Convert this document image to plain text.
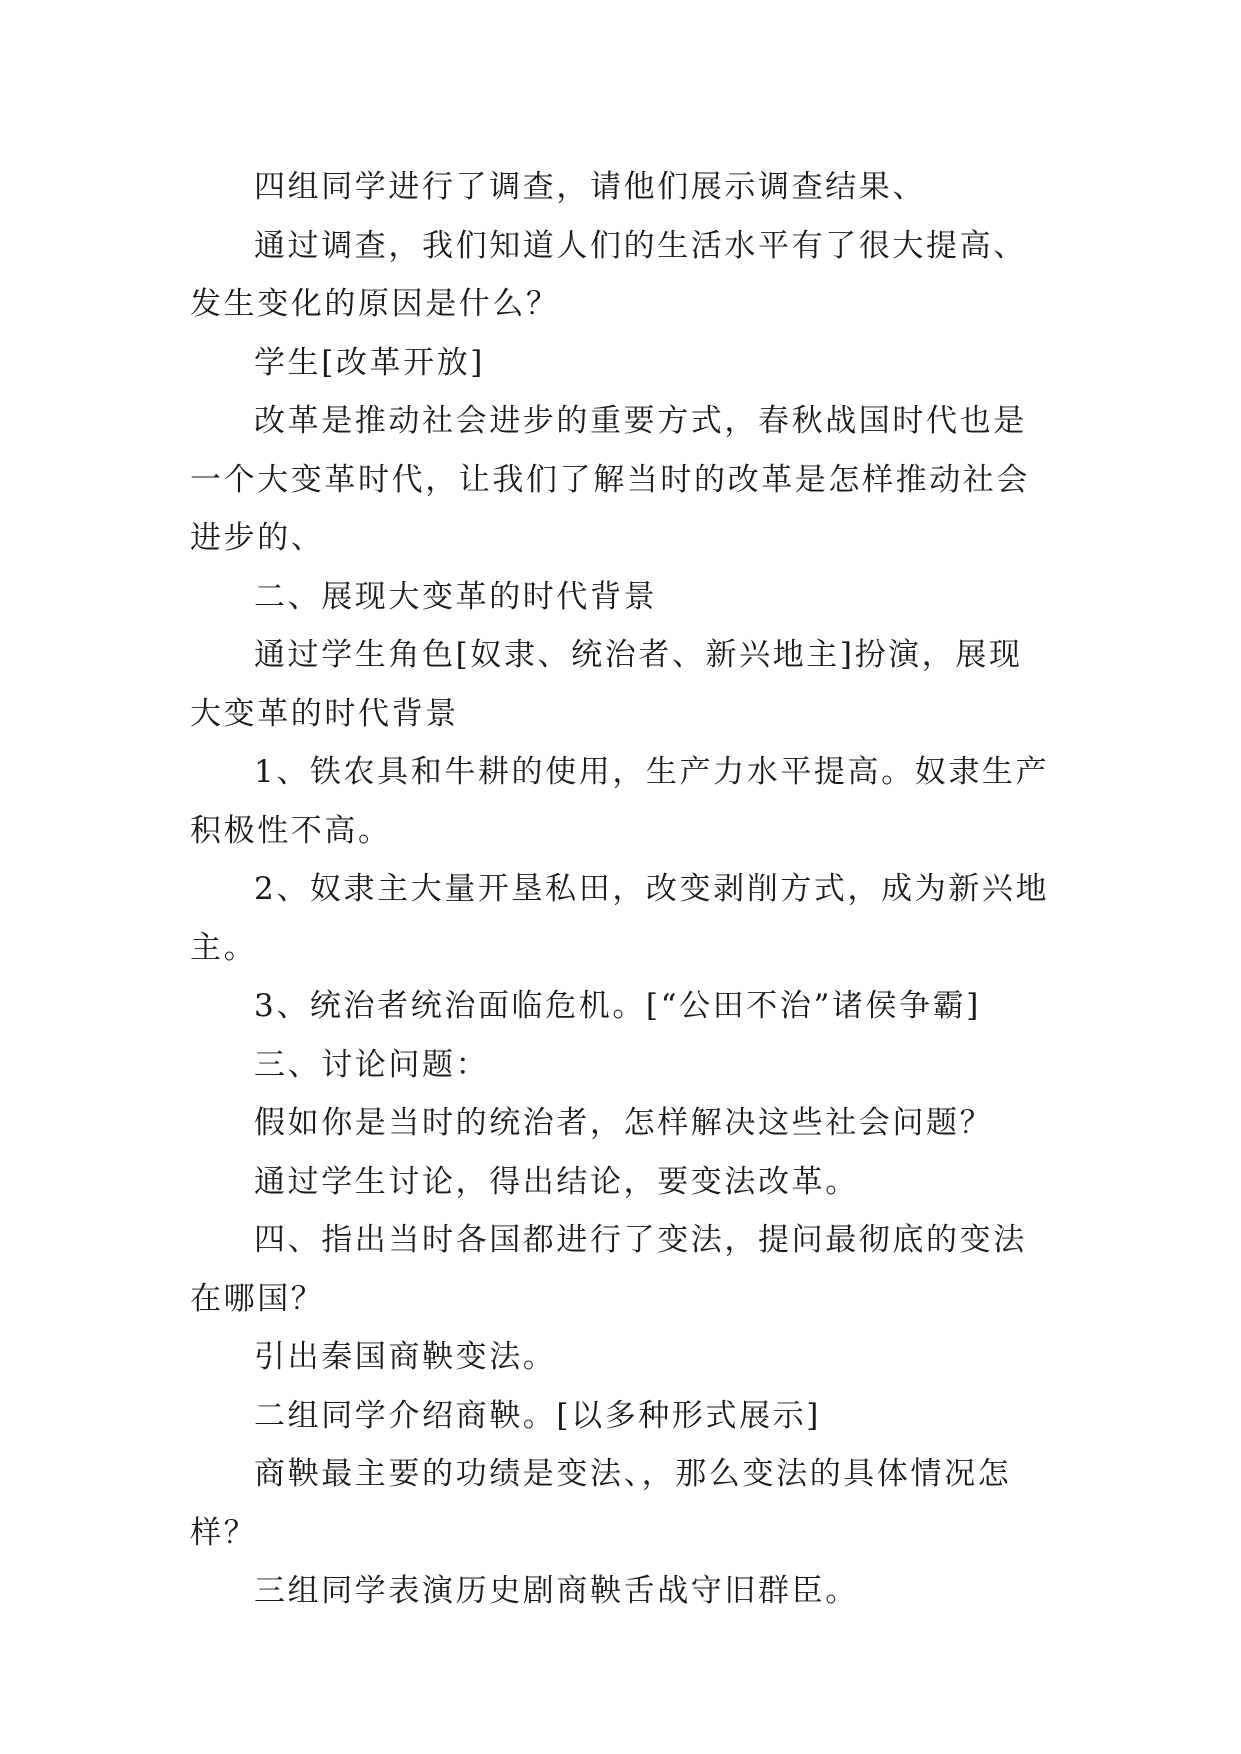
四组同学进行了调查，请他们展示调查结果、

通过调查，我们知道人们的生活水平有了很大提高、发生变化的原因是什么？

学生[改革开放]

改革是推动社会进步的重要方式，春秋战国时代也是一个大变革时代，让我们了解当时的改革是怎样推动社会进步的、

二、展现大变革的时代背景

通过学生角色[奴隶、统治者、新兴地主]扮演，展现大变革的时代背景

1、铁农具和牛耕的使用，生产力水平提高。奴隶生产积极性不高。

2、奴隶主大量开垦私田，改变剥削方式，成为新兴地主。

3、统治者统治面临危机。[“公田不治”诸侯争霸]

三、讨论问题：

假如你是当时的统治者，怎样解决这些社会问题？

通过学生讨论，得出结论，要变法改革。

四、指出当时各国都进行了变法，提问最彻底的变法在哪国？

引出秦国商鞅变法。

二组同学介绍商鞅。[以多种形式展示]

商鞅最主要的功绩是变法、，那么变法的具体情况怎样？

三组同学表演历史剧商鞅舌战守旧群臣。
